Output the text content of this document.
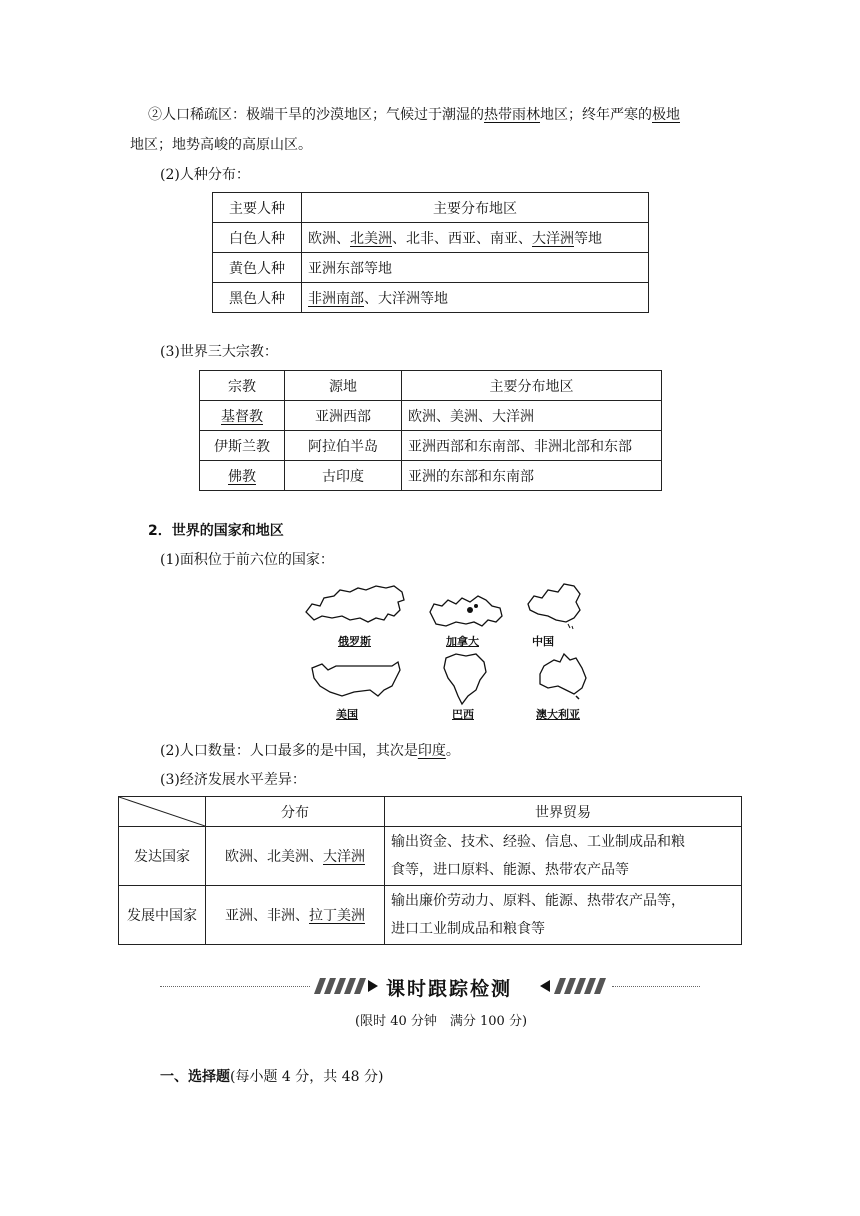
②人口稀疏区：极端干旱的沙漠地区；气候过于潮湿的热带雨林地区；终年严寒的极地
地区；地势高峻的高原山区。
(2)人种分布：
主要人种	主要分布地区
白色人种	欧洲、北美洲、北非、西亚、南亚、大洋洲等地
黄色人种	亚洲东部等地
黑色人种	非洲南部、大洋洲等地
(3)世界三大宗教：
宗教	源地	主要分布地区
基督教	亚洲西部	欧洲、美洲、大洋洲
伊斯兰教	阿拉伯半岛	亚洲西部和东南部、非洲北部和东部
佛教	古印度	亚洲的东部和东南部
2．世界的国家和地区
(1)面积位于前六位的国家：
俄罗斯	加拿大	中国
美国	巴西	澳大利亚
(2)人口数量：人口最多的是中国，其次是印度。
(3)经济发展水平差异：
	分布	世界贸易
发达国家	欧洲、北美洲、大洋洲	输出资金、技术、经验、信息、工业制成品和粮
食等，进口原料、能源、热带农产品等

发展中国家	亚洲、非洲、拉丁美洲	输出廉价劳动力、原料、能源、热带农产品等，
进口工业制成品和粮食等
课时跟踪检测
(限时 40 分钟　满分 100 分)
一、选择题(每小题 4 分，共 48 分)
